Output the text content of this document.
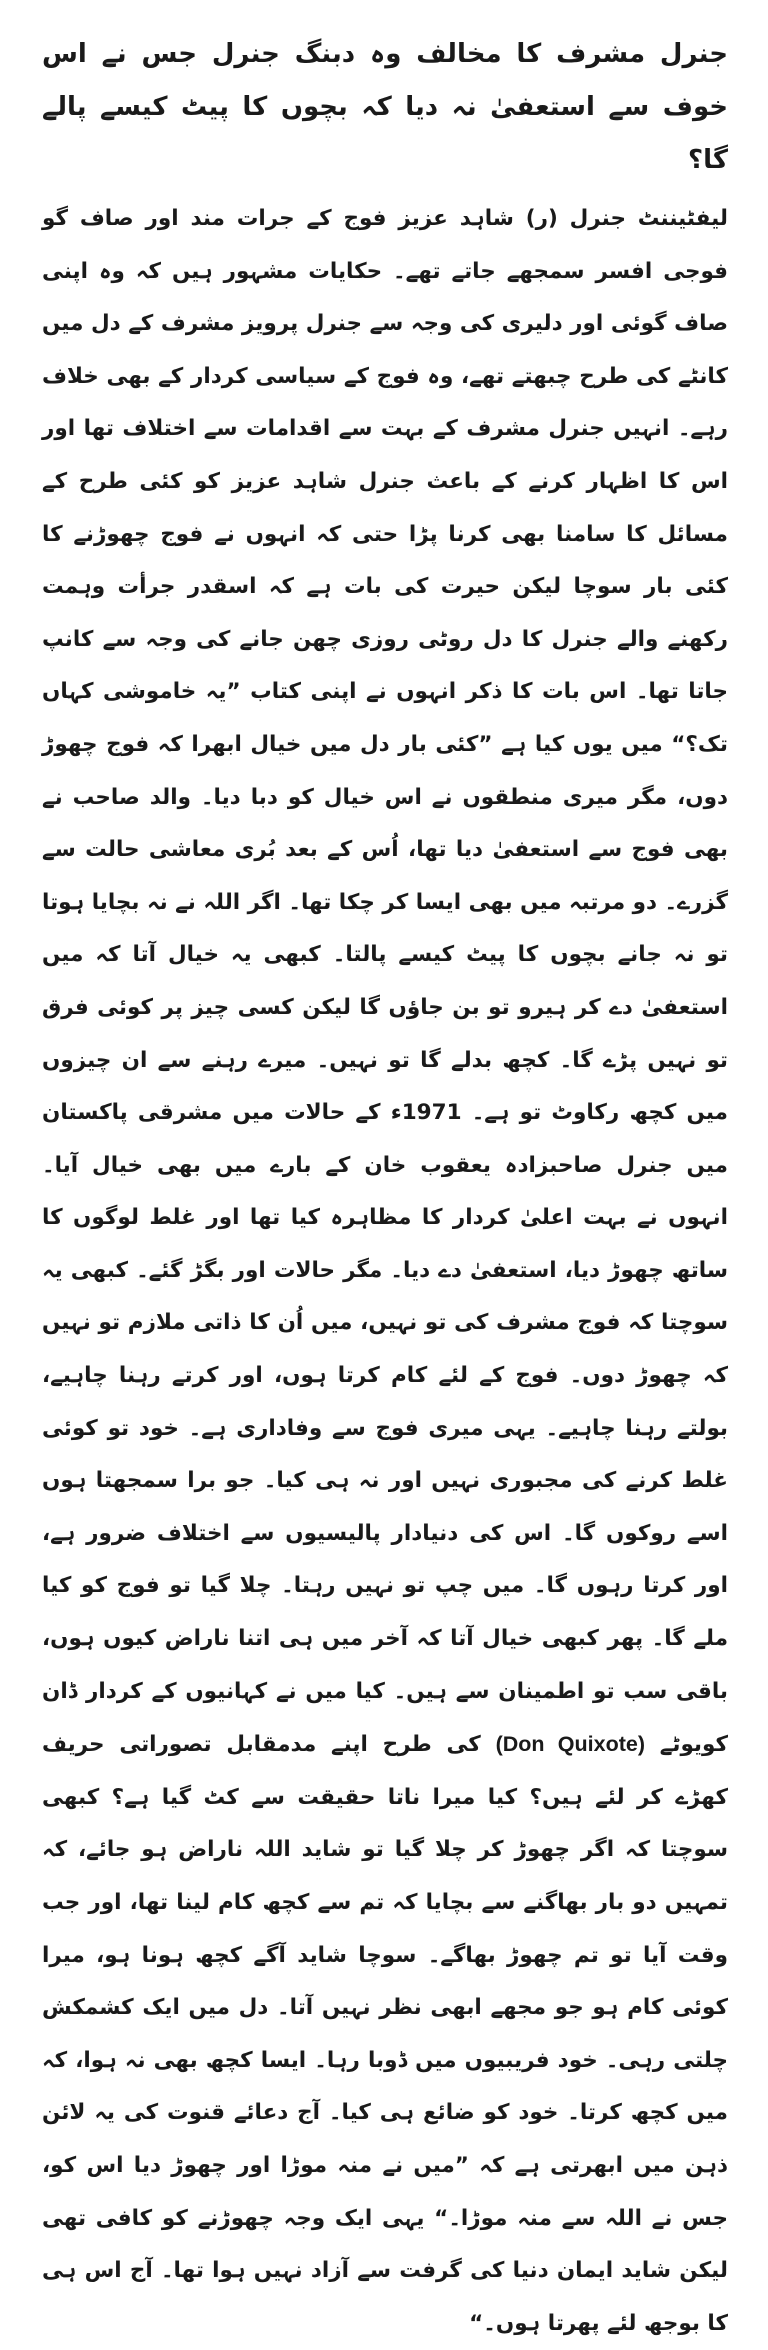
جنرل مشرف کا مخالف وہ دبنگ جنرل جس نے اس خوف سے استعفیٰ نہ دیا کہ بچوں کا پیٹ کیسے پالے گا؟

لیفٹیننٹ جنرل (ر) شاہد عزیز فوج کے جرات مند اور صاف گو فوجی افسر سمجھے جاتے تھے۔ حکایات مشہور ہیں کہ وہ اپنی صاف گوئی اور دلیری کی وجہ سے جنرل پرویز مشرف کے دل میں کانٹے کی طرح چبھتے تھے، وہ فوج کے سیاسی کردار کے بھی خلاف رہے۔ انہیں جنرل مشرف کے بہت سے اقدامات سے اختلاف تھا اور اس کا اظہار کرنے کے باعث جنرل شاہد عزیز کو کئی طرح کے مسائل کا سامنا بھی کرنا پڑا حتی کہ انہوں نے فوج چھوڑنے کا کئی بار سوچا لیکن حیرت کی بات ہے کہ اسقدر جرأت وہمت رکھنے والے جنرل کا دل روٹی روزی چھن جانے کی وجہ سے کانپ جاتا تھا۔ اس بات کا ذکر انہوں نے اپنی کتاب ”یہ خاموشی کہاں تک؟“ میں یوں کیا ہے ”کئی بار دل میں خیال ابھرا کہ فوج چھوڑ دوں، مگر میری منطقوں نے اس خیال کو دبا دیا۔ والد صاحب نے بھی فوج سے استعفیٰ دیا تھا، اُس کے بعد بُری معاشی حالت سے گزرے۔ دو مرتبہ میں بھی ایسا کر چکا تھا۔ اگر اللہ نے نہ بچایا ہوتا تو نہ جانے بچوں کا پیٹ کیسے پالتا۔ کبھی یہ خیال آتا کہ میں استعفیٰ دے کر ہیرو تو بن جاؤں گا لیکن کسی چیز پر کوئی فرق تو نہیں پڑے گا۔ کچھ بدلے گا تو نہیں۔ میرے رہنے سے ان چیزوں میں کچھ رکاوٹ تو ہے۔ 1971ء کے حالات میں مشرقی پاکستان میں جنرل صاحبزادہ یعقوب خان کے بارے میں بھی خیال آیا۔ انہوں نے بہت اعلیٰ کردار کا مظاہرہ کیا تھا اور غلط لوگوں کا ساتھ چھوڑ دیا، استعفیٰ دے دیا۔ مگر حالات اور بگڑ گئے۔ کبھی یہ سوچتا کہ فوج مشرف کی تو نہیں، میں اُن کا ذاتی ملازم تو نہیں کہ چھوڑ دوں۔ فوج کے لئے کام کرتا ہوں، اور کرتے رہنا چاہیے، بولتے رہنا چاہیے۔ یہی میری فوج سے وفاداری ہے۔ خود تو کوئی غلط کرنے کی مجبوری نہیں اور نہ ہی کیا۔ جو برا سمجھتا ہوں اسے روکوں گا۔ اس کی دنیادار پالیسیوں سے اختلاف ضرور ہے، اور کرتا رہوں گا۔ میں چپ تو نہیں رہتا۔ چلا گیا تو فوج کو کیا ملے گا۔ پھر کبھی خیال آتا کہ آخر میں ہی اتنا ناراض کیوں ہوں، باقی سب تو اطمینان سے ہیں۔ کیا میں نے کہانیوں کے کردار ڈان کویوٹے (Don Quixote) کی طرح اپنے مدمقابل تصوراتی حریف کھڑے کر لئے ہیں؟ کیا میرا ناتا حقیقت سے کٹ گیا ہے؟ کبھی سوچتا کہ اگر چھوڑ کر چلا گیا تو شاید اللہ ناراض ہو جائے، کہ تمہیں دو بار بھاگنے سے بچایا کہ تم سے کچھ کام لینا تھا، اور جب وقت آیا تو تم چھوڑ بھاگے۔ سوچا شاید آگے کچھ ہونا ہو، میرا کوئی کام ہو جو مجھے ابھی نظر نہیں آتا۔ دل میں ایک کشمکش چلتی رہی۔ خود فریبیوں میں ڈوبا رہا۔ ایسا کچھ بھی نہ ہوا، کہ میں کچھ کرتا۔ خود کو ضائع ہی کیا۔ آج دعائے قنوت کی یہ لائن ذہن میں ابھرتی ہے کہ ”میں نے منہ موڑا اور چھوڑ دیا اس کو، جس نے اللہ سے منہ موڑا۔“ یہی ایک وجہ چھوڑنے کو کافی تھی لیکن شاید ایمان دنیا کی گرفت سے آزاد نہیں ہوا تھا۔ آج اس ہی کا بوجھ لئے پھرتا ہوں۔“
